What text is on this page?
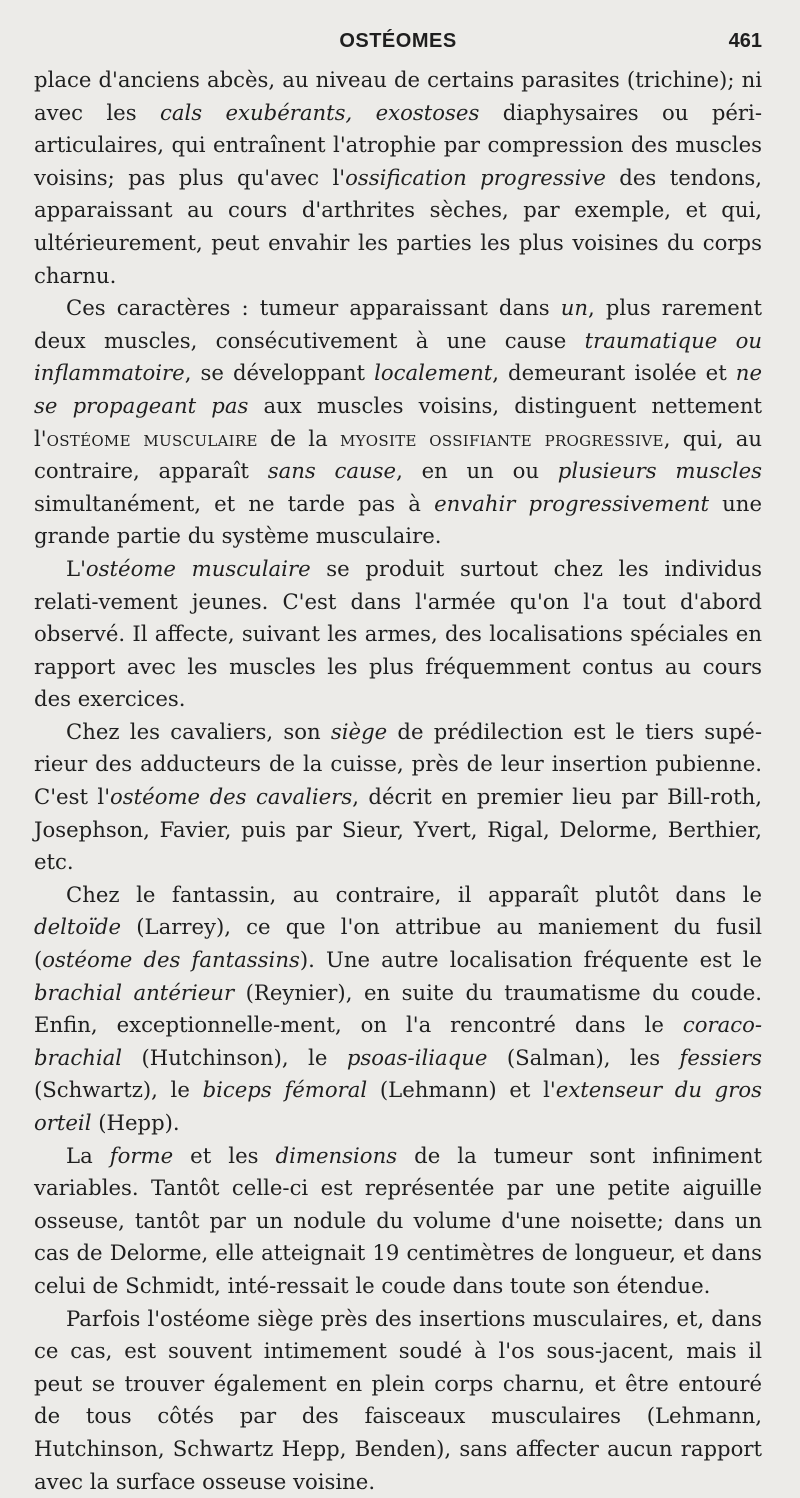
OSTÉOMES	461

place d'anciens abcès, au niveau de certains parasites (trichine); ni avec les cals exubérants, exostoses diaphysaires ou péri-articulaires, qui entraînent l'atrophie par compression des muscles voisins; pas plus qu'avec l'ossification progressive des tendons, apparaissant au cours d'arthrites sèches, par exemple, et qui, ultérieurement, peut envahir les parties les plus voisines du corps charnu.

Ces caractères : tumeur apparaissant dans un, plus rarement deux muscles, consécutivement à une cause traumatique ou inflammatoire, se développant localement, demeurant isolée et ne se propageant pas aux muscles voisins, distinguent nettement l'ostéome musculaire de la myosite ossifiante progressive, qui, au contraire, apparaît sans cause, en un ou plusieurs muscles simultanément, et ne tarde pas à envahir progressivement une grande partie du système musculaire.

L'ostéome musculaire se produit surtout chez les individus relati-vement jeunes. C'est dans l'armée qu'on l'a tout d'abord observé. Il affecte, suivant les armes, des localisations spéciales en rapport avec les muscles les plus fréquemment contus au cours des exercices.

Chez les cavaliers, son siège de prédilection est le tiers supé-rieur des adducteurs de la cuisse, près de leur insertion pubienne. C'est l'ostéome des cavaliers, décrit en premier lieu par Bill-roth, Josephson, Favier, puis par Sieur, Yvert, Rigal, Delorme, Berthier, etc.

Chez le fantassin, au contraire, il apparaît plutôt dans le deltoïde (Larrey), ce que l'on attribue au maniement du fusil (ostéome des fantassins). Une autre localisation fréquente est le brachial antérieur (Reynier), en suite du traumatisme du coude. Enfin, exceptionnelle-ment, on l'a rencontré dans le coraco-brachial (Hutchinson), le psoas-iliaque (Salman), les fessiers (Schwartz), le biceps fémoral (Lehmann) et l'extenseur du gros orteil (Hepp).

La forme et les dimensions de la tumeur sont infiniment variables. Tantôt celle-ci est représentée par une petite aiguille osseuse, tantôt par un nodule du volume d'une noisette; dans un cas de Delorme, elle atteignait 19 centimètres de longueur, et dans celui de Schmidt, inté-ressait le coude dans toute son étendue.

Parfois l'ostéome siège près des insertions musculaires, et, dans ce cas, est souvent intimement soudé à l'os sous-jacent, mais il peut se trouver également en plein corps charnu, et être entouré de tous côtés par des faisceaux musculaires (Lehmann, Hutchinson, Schwartz Hepp, Benden), sans affecter aucun rapport avec la surface osseuse voisine.
